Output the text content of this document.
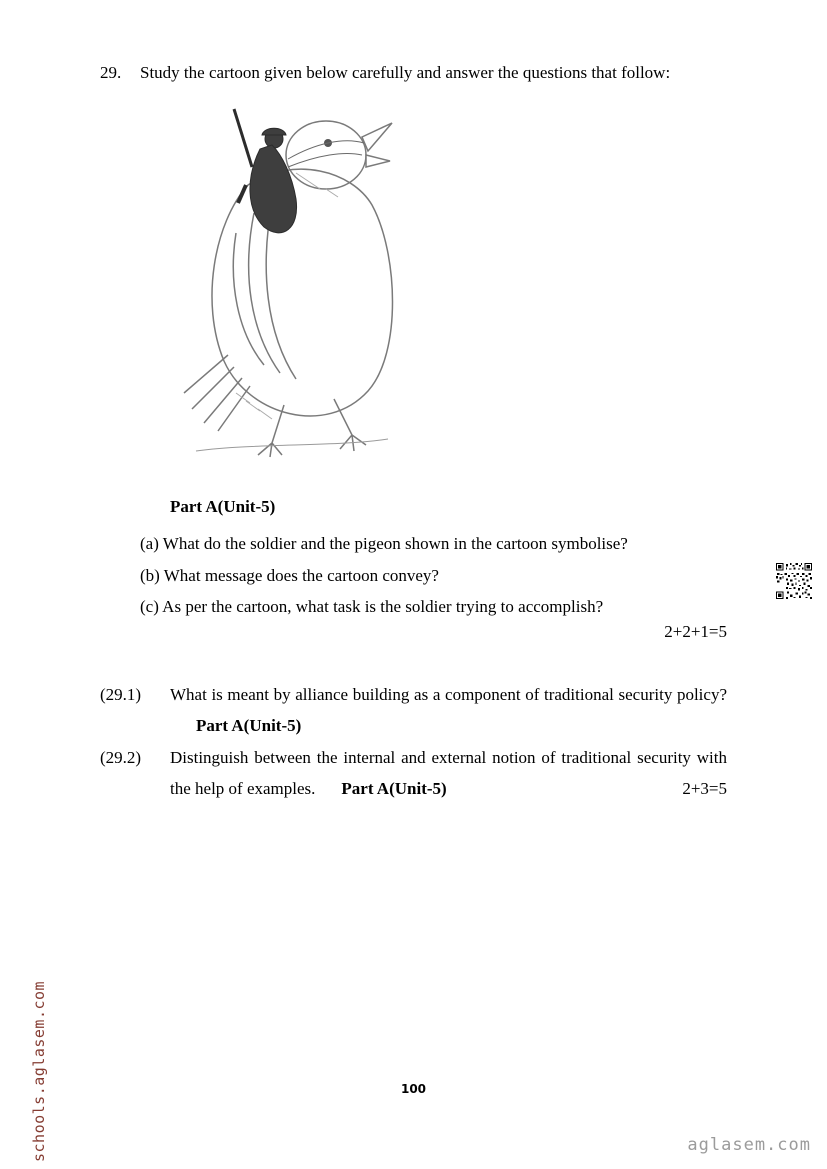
29. Study the cartoon given below carefully and answer the questions that follow:
Part A(Unit-5)
(a) What do the soldier and the pigeon shown in the cartoon symbolise?
(b) What message does the cartoon convey?
(c) As per the cartoon, what task is the soldier trying to accomplish?
2+2+1=5
(29.1)	What is meant by alliance building as a component of traditional security policy?Part A(Unit-5)
(29.2)	Distinguish between the internal and external notion of traditional security with the help of examples. Part A(Unit-5)	2+3=5
100
schools.aglasem.com	aglasem.com
